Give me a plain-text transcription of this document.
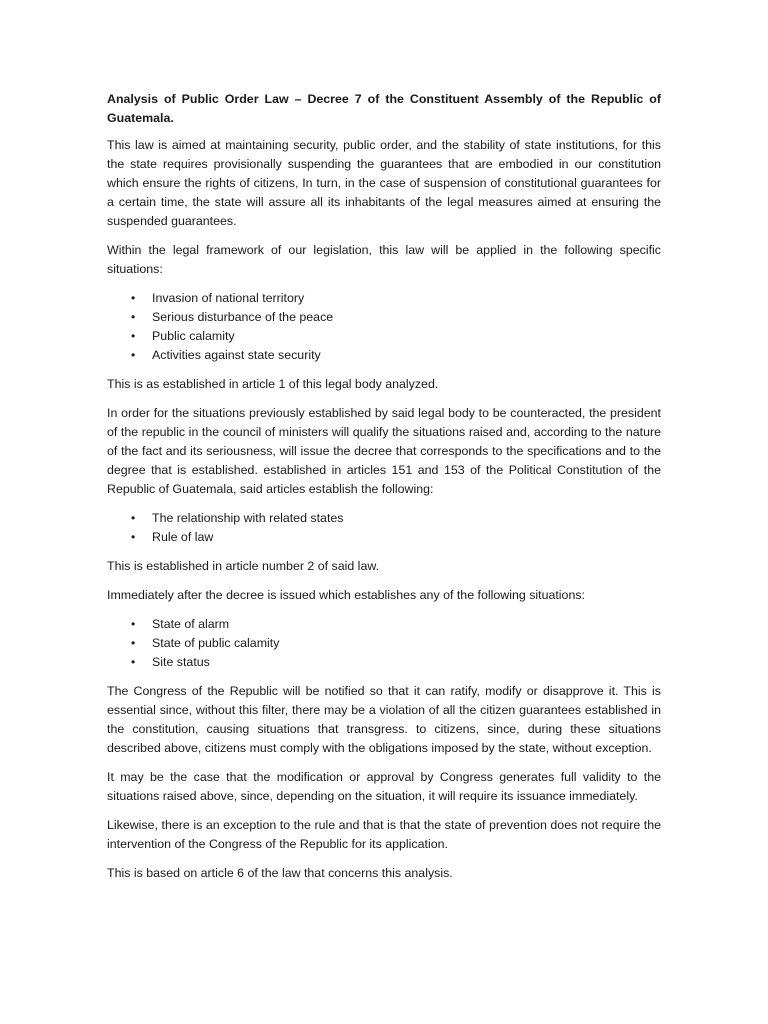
Analysis of Public Order Law – Decree 7 of the Constituent Assembly of the Republic of Guatemala.

This law is aimed at maintaining security, public order, and the stability of state institutions, for this the state requires provisionally suspending the guarantees that are embodied in our constitution which ensure the rights of citizens, In turn, in the case of suspension of constitutional guarantees for a certain time, the state will assure all its inhabitants of the legal measures aimed at ensuring the suspended guarantees.

Within the legal framework of our legislation, this law will be applied in the following specific situations:

• Invasion of national territory
• Serious disturbance of the peace
• Public calamity
• Activities against state security

This is as established in article 1 of this legal body analyzed.

In order for the situations previously established by said legal body to be counteracted, the president of the republic in the council of ministers will qualify the situations raised and, according to the nature of the fact and its seriousness, will issue the decree that corresponds to the specifications and to the degree that is established. established in articles 151 and 153 of the Political Constitution of the Republic of Guatemala, said articles establish the following:

• The relationship with related states
• Rule of law

This is established in article number 2 of said law.

Immediately after the decree is issued which establishes any of the following situations:

• State of alarm
• State of public calamity
• Site status

The Congress of the Republic will be notified so that it can ratify, modify or disapprove it. This is essential since, without this filter, there may be a violation of all the citizen guarantees established in the constitution, causing situations that transgress. to citizens, since, during these situations described above, citizens must comply with the obligations imposed by the state, without exception.

It may be the case that the modification or approval by Congress generates full validity to the situations raised above, since, depending on the situation, it will require its issuance immediately.

Likewise, there is an exception to the rule and that is that the state of prevention does not require the intervention of the Congress of the Republic for its application.

This is based on article 6 of the law that concerns this analysis.
